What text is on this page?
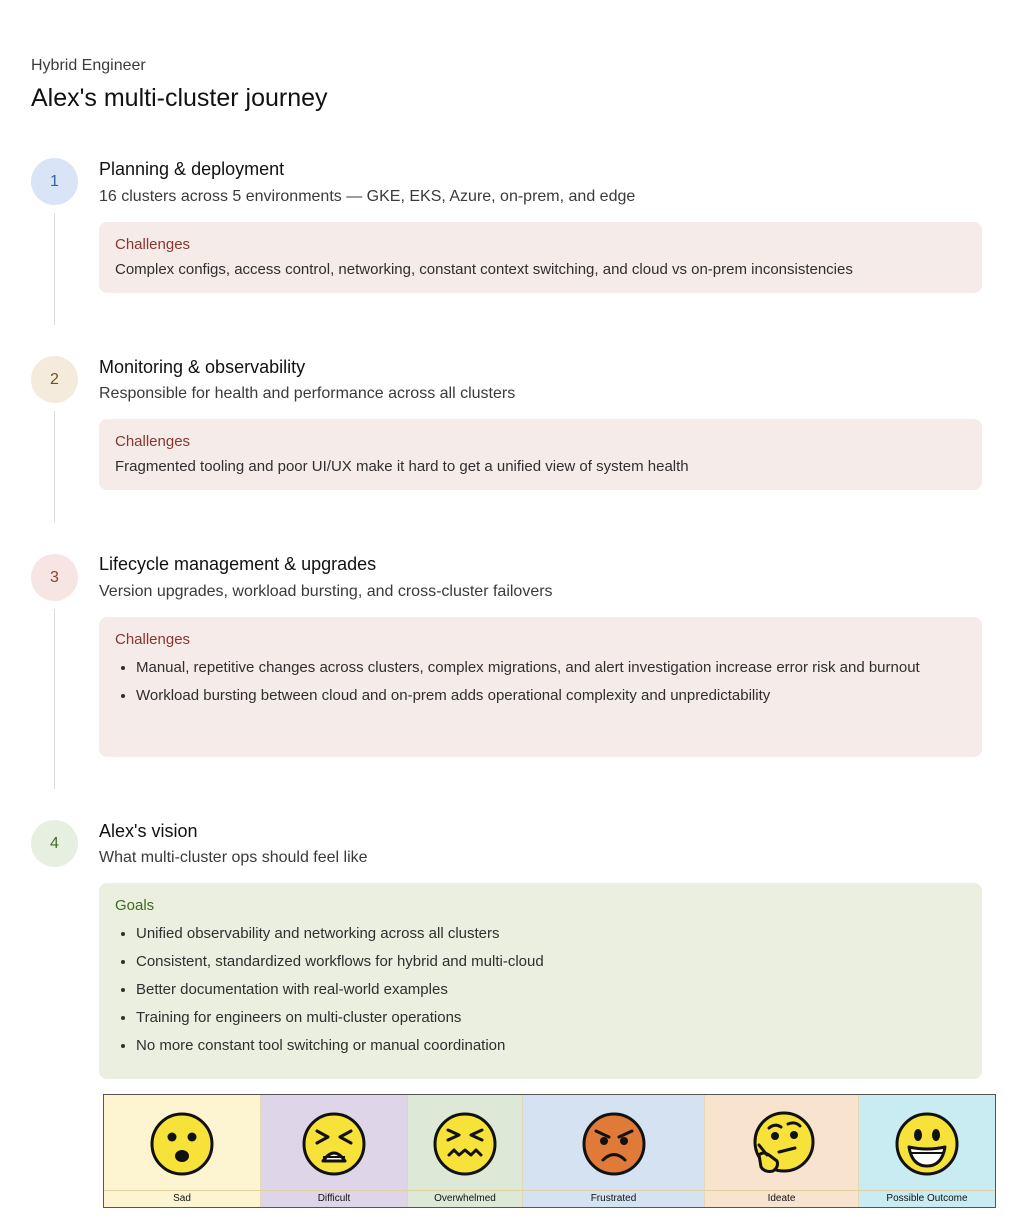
Hybrid Engineer
Alex's multi-cluster journey
1
Planning & deployment
16 clusters across 5 environments — GKE, EKS, Azure, on-prem, and edge
Challenges
Complex configs, access control, networking, constant context switching, and cloud vs on-prem inconsistencies
2
Monitoring & observability
Responsible for health and performance across all clusters
Challenges
Fragmented tooling and poor UI/UX make it hard to get a unified view of system health
3
Lifecycle management & upgrades
Version upgrades, workload bursting, and cross-cluster failovers
Challenges
• Manual, repetitive changes across clusters, complex migrations, and alert investigation increase error risk and burnout
• Workload bursting between cloud and on-prem adds operational complexity and unpredictability
4
Alex's vision
What multi-cluster ops should feel like
Goals
• Unified observability and networking across all clusters
• Consistent, standardized workflows for hybrid and multi-cloud
• Better documentation with real-world examples
• Training for engineers on multi-cluster operations
• No more constant tool switching or manual coordination
Sad	Difficult	Overwhelmed	Frustrated	Ideate	Possible Outcome
